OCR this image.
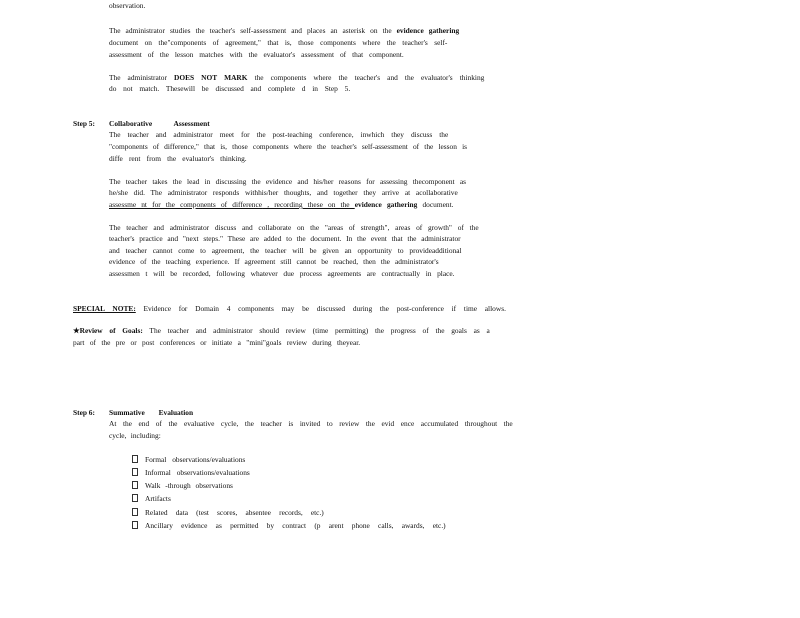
observation.
The administrator studies the teacher's self-assessment and places an asterisk on the evidence gathering
document on the"components of agreement," that is, those components where the teacher's self-
assessment of the lesson matches with the evaluator's assessment of that component.
The administrator DOES NOT MARK the components where the teacher's and the evaluator's thinking
do not match. Thesewill be discussed and complete d in Step 5.
Step 5: Collaborative Assessment
The teacher and administrator meet for the post-teaching conference, inwhich they discuss the
"components of difference," that is, those components where the teacher's self-assessment of the lesson is
diffe rent from the evaluator's thinking.
The teacher takes the lead in discussing the evidence and his/her reasons for assessing thecomponent as
he/she did. The administrator responds withhis/her thoughts, and together they arrive at acollaborative
assessme nt for the components of difference , recording these on the evidence gathering document.
The teacher and administrator discuss and collaborate on the "areas of strength", areas of growth" of the
teacher's practice and "next steps." These are added to the document. In the event that the administrator
and teacher cannot come to agreement, the teacher will be given an opportunity to provideadditional
evidence of the teaching experience. If agreement still cannot be reached, then the administrator's
assessmen t will be recorded, following whatever due process agreements are contractually in place.
SPECIAL NOTE: Evidence for Domain 4 components may be discussed during the post-conference if time allows.
★Review of Goals: The teacher and administrator should review (time permitting) the progress of the goals as a
part of the pre or post conferences or initiate a "mini"goals review during theyear.
Step 6: Summative Evaluation
At the end of the evaluative cycle, the teacher is invited to review the evid ence accumulated throughout the
cycle, including:
Formal observations/evaluations
Informal observations/evaluations
Walk -through observations
Artifacts
Related data (test scores, absentee records, etc.)
Ancillary evidence as permitted by contract (p arent phone calls, awards, etc.)
